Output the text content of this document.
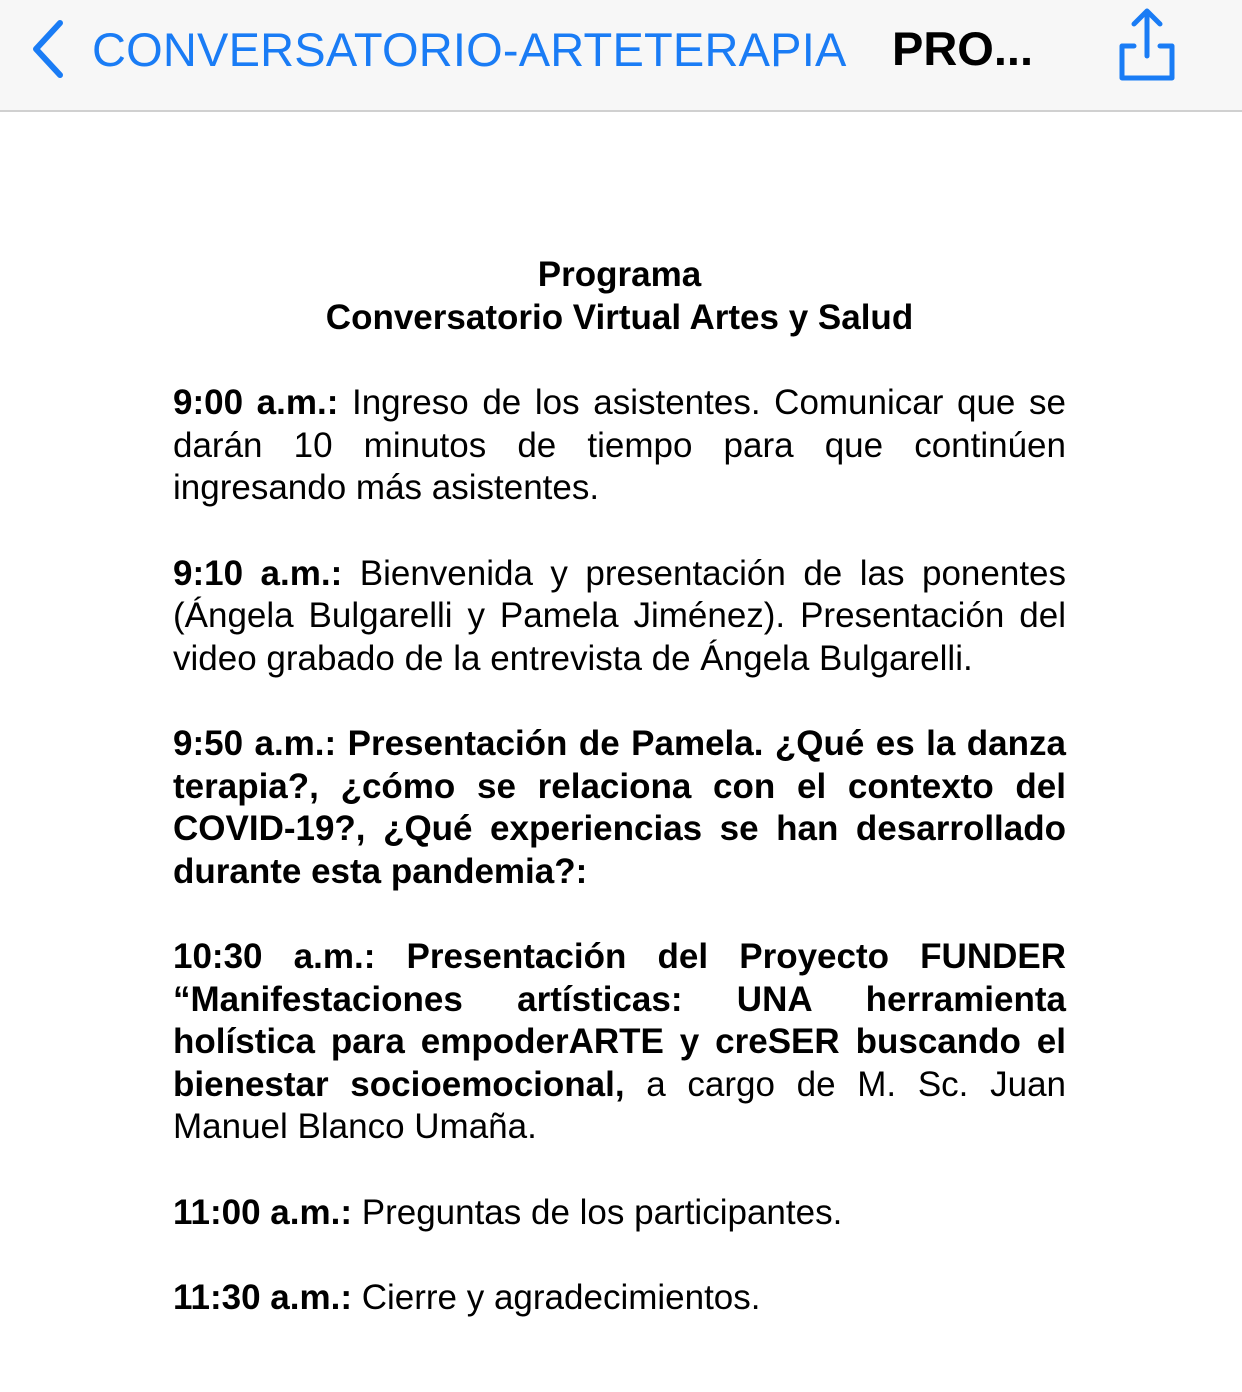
CONVERSATORIO-ARTETERAPIA PRO...
Programa
Conversatorio Virtual Artes y Salud

9:00 a.m.: Ingreso de los asistentes. Comunicar que se darán 10 minutos de tiempo para que continúen ingresando más asistentes.

9:10 a.m.: Bienvenida y presentación de las ponentes (Ángela Bulgarelli y Pamela Jiménez). Presentación del video grabado de la entrevista de Ángela Bulgarelli.

9:50 a.m.: Presentación de Pamela. ¿Qué es la danza terapia?, ¿cómo se relaciona con el contexto del COVID-19?, ¿Qué experiencias se han desarrollado durante esta pandemia?:

10:30 a.m.: Presentación del Proyecto FUNDER “Manifestaciones artísticas: UNA herramienta holística para empoderARTE y creSER buscando el bienestar socioemocional, a cargo de M. Sc. Juan Manuel Blanco Umaña.

11:00 a.m.: Preguntas de los participantes.

11:30 a.m.: Cierre y agradecimientos.
